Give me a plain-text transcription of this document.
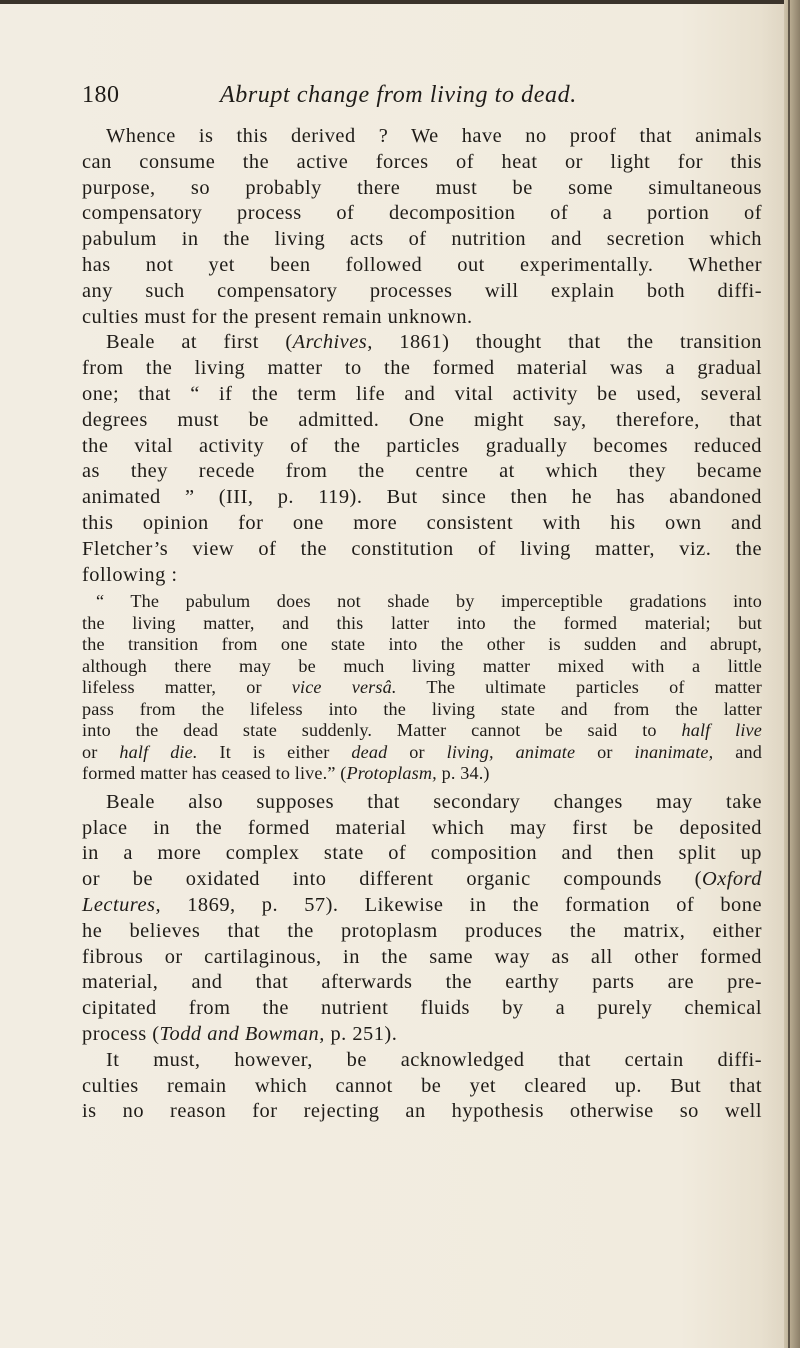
180	Abrupt change from living to dead.

Whence is this derived ? We have no proof that animals

can consume the active forces of heat or light for this

purpose, so probably there must be some simultaneous

compensatory process of decomposition of a portion of

pabulum in the living acts of nutrition and secretion which

has not yet been followed out experimentally. Whether

any such compensatory processes will explain both diffi-

culties must for the present remain unknown.

Beale at first (Archives, 1861) thought that the transition

from the living matter to the formed material was a gradual

one; that “ if the term life and vital activity be used, several

degrees must be admitted. One might say, therefore, that

the vital activity of the particles gradually becomes reduced

as they recede from the centre at which they became

animated ” (III, p. 119). But since then he has abandoned

this opinion for one more consistent with his own and

Fletcher’s view of the constitution of living matter, viz. the

following :

“ The pabulum does not shade by imperceptible gradations into

the living matter, and this latter into the formed material; but

the transition from one state into the other is sudden and abrupt,

although there may be much living matter mixed with a little

lifeless matter, or vice versâ. The ultimate particles of matter

pass from the lifeless into the living state and from the latter

into the dead state suddenly. Matter cannot be said to half live

or half die. It is either dead or living, animate or inanimate, and

formed matter has ceased to live.” (Protoplasm, p. 34.)

Beale also supposes that secondary changes may take

place in the formed material which may first be deposited

in a more complex state of composition and then split up

or be oxidated into different organic compounds (Oxford

Lectures, 1869, p. 57). Likewise in the formation of bone

he believes that the protoplasm produces the matrix, either

fibrous or cartilaginous, in the same way as all other formed

material, and that afterwards the earthy parts are pre-

cipitated from the nutrient fluids by a purely chemical

process (Todd and Bowman, p. 251).

It must, however, be acknowledged that certain diffi-

culties remain which cannot be yet cleared up. But that

is no reason for rejecting an hypothesis otherwise so well
